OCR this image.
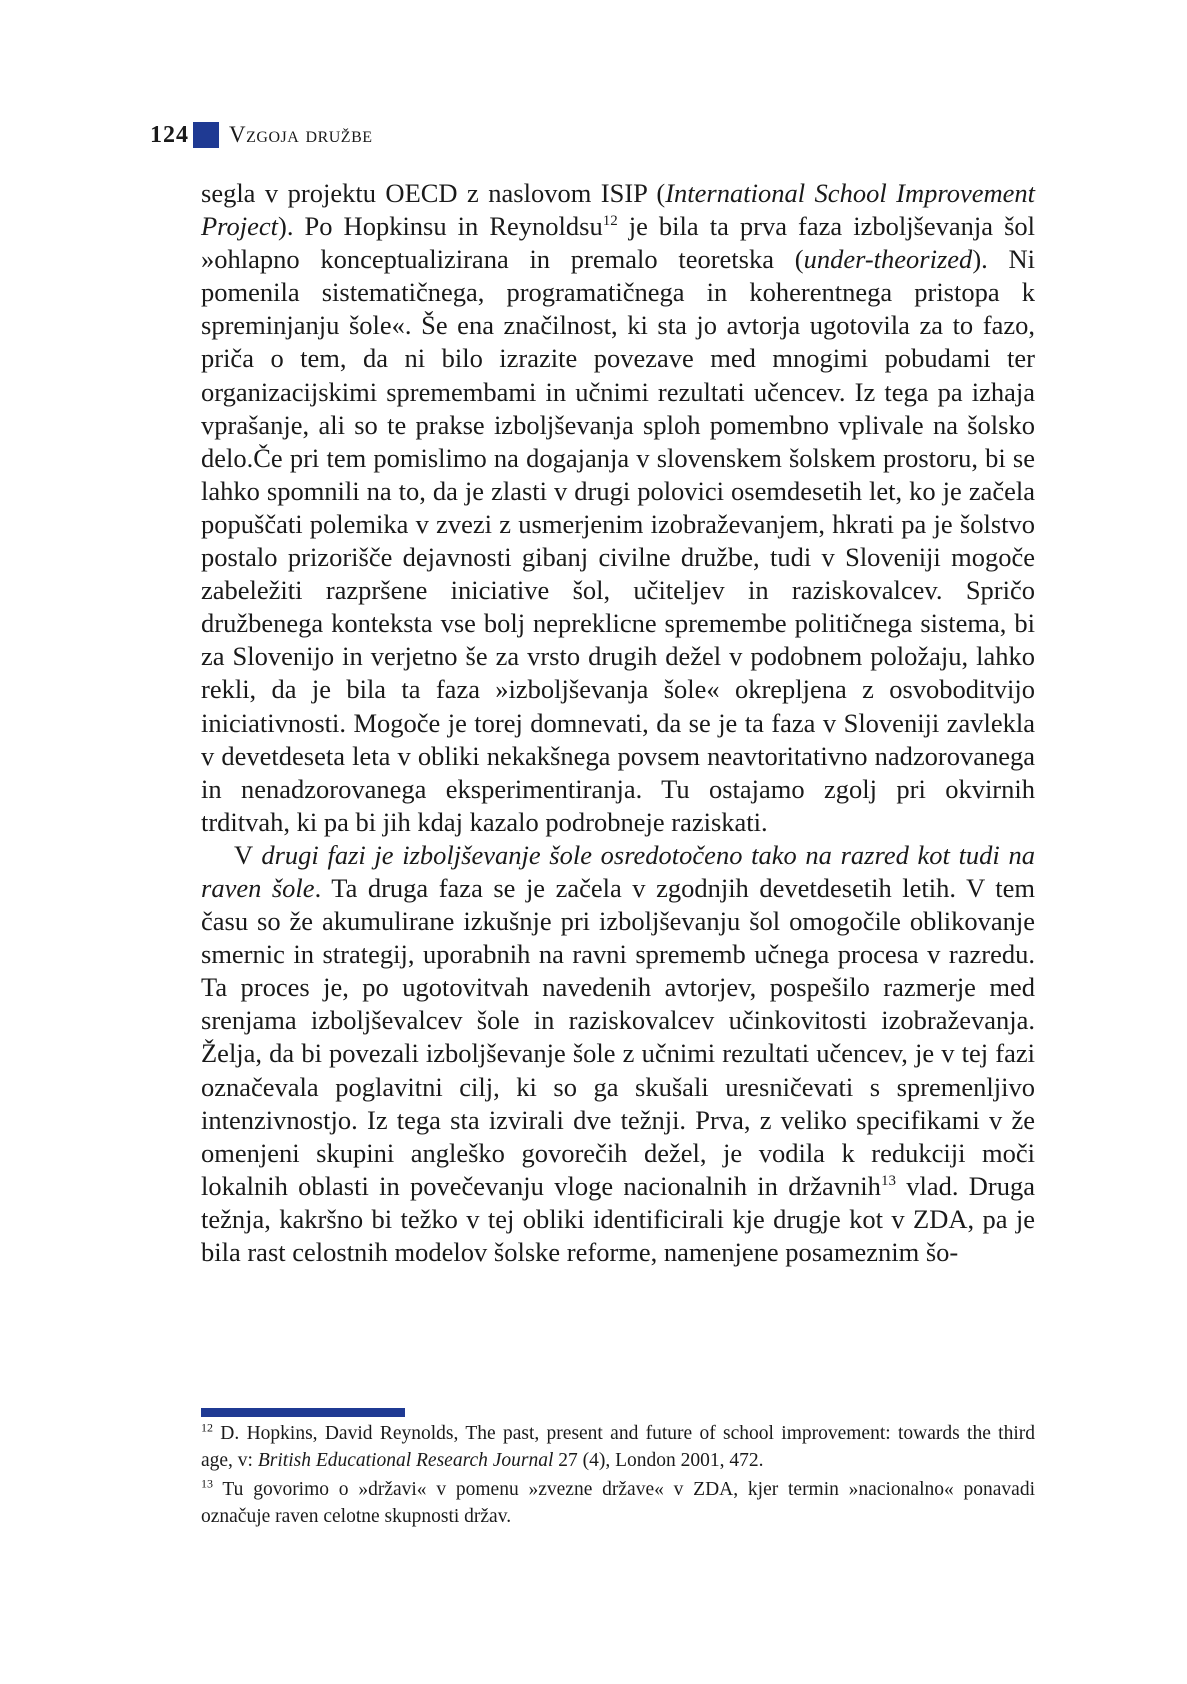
124 Vzgoja družbe

segla v projektu OECD z naslovom ISIP (International School Improvement Project). Po Hopkinsu in Reynoldsu$^{12}$ je bila ta prva faza izboljševanja šol »ohlapno konceptualizirana in premalo teoretska (under-theorized). Ni pomenila sistematičnega, programatičnega in koherentnega pristopa k spreminjanju šole«. Še ena značilnost, ki sta jo avtorja ugotovila za to fazo, priča o tem, da ni bilo izrazite povezave med mnogimi pobudami ter organizacijskimi spremembami in učnimi rezultati učencev. Iz tega pa izhaja vprašanje, ali so te prakse izboljševanja sploh pomembno vplivale na šolsko delo.Če pri tem pomislimo na dogajanja v slovenskem šolskem prostoru, bi se lahko spomnili na to, da je zlasti v drugi polovici osemdesetih let, ko je začela popuščati polemika v zvezi z usmerjenim izobraževanjem, hkrati pa je šolstvo postalo prizorišče dejavnosti gibanj civilne družbe, tudi v Sloveniji mogoče zabeležiti razpršene iniciative šol, učiteljev in raziskovalcev. Spričo družbenega konteksta vse bolj nepreklicne spremembe političnega sistema, bi za Slovenijo in verjetno še za vrsto drugih dežel v podobnem položaju, lahko rekli, da je bila ta faza »izboljševanja šole« okrepljena z osvoboditvijo iniciativnosti. Mogoče je torej domnevati, da se je ta faza v Sloveniji zavlekla v devetdeseta leta v obliki nekakšnega povsem neavtoritativno nadzorovanega in nenadzorovanega eksperimentiranja. Tu ostajamo zgolj pri okvirnih trditvah, ki pa bi jih kdaj kazalo podrobneje raziskati.

V drugi fazi je izboljševanje šole osredotočeno tako na razred kot tudi na raven šole. Ta druga faza se je začela v zgodnjih devetdesetih letih. V tem času so že akumulirane izkušnje pri izboljševanju šol omogočile oblikovanje smernic in strategij, uporabnih na ravni sprememb učnega procesa v razredu. Ta proces je, po ugotovitvah navedenih avtorjev, pospešilo razmerje med srenjama izboljševalcev šole in raziskovalcev učinkovitosti izobraževanja. Želja, da bi povezali izboljševanje šole z učnimi rezultati učencev, je v tej fazi označevala poglavitni cilj, ki so ga skušali uresničevati s spremenljivo intenzivnostjo. Iz tega sta izvirali dve težnji. Prva, z veliko specifikami v že omenjeni skupini angleško govorečih dežel, je vodila k redukciji moči lokalnih oblasti in povečevanju vloge nacionalnih in državnih$^{13}$ vlad. Druga težnja, kakršno bi težko v tej obliki identificirali kje drugje kot v ZDA, pa je bila rast celostnih modelov šolske reforme, namenjene posameznim šo-

$^{12}$ D. Hopkins, David Reynolds, The past, present and future of school improvement: towards the third age, v: British Educational Research Journal 27 (4), London 2001, 472.

$^{13}$ Tu govorimo o »državi« v pomenu »zvezne države« v ZDA, kjer termin »nacionalno« ponavadi označuje raven celotne skupnosti držav.
